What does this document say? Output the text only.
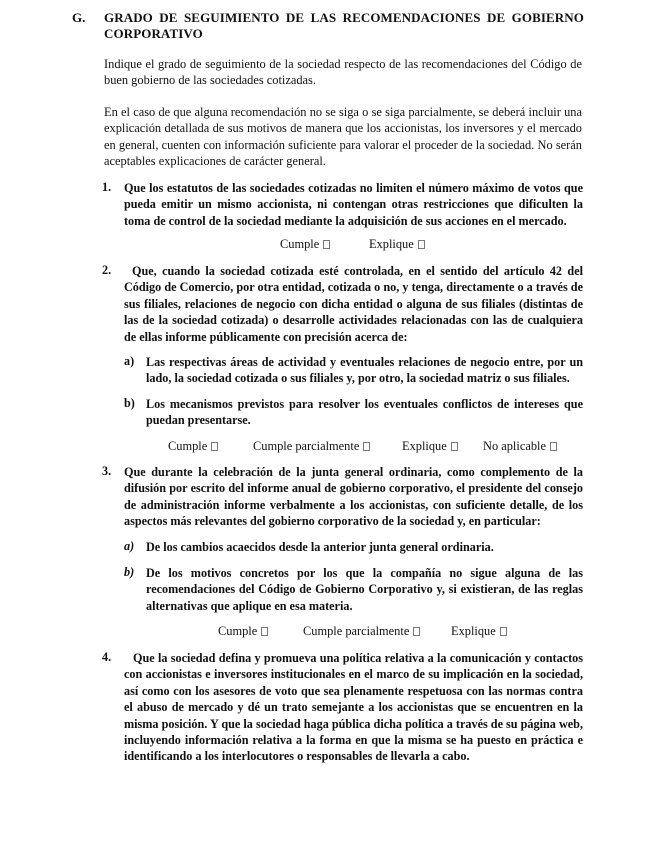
G. GRADO DE SEGUIMIENTO DE LAS RECOMENDACIONES DE GOBIERNO CORPORATIVO
Indique el grado de seguimiento de la sociedad respecto de las recomendaciones del Código de buen gobierno de las sociedades cotizadas.
En el caso de que alguna recomendación no se siga o se siga parcialmente, se deberá incluir una explicación detallada de sus motivos de manera que los accionistas, los inversores y el mercado en general, cuenten con información suficiente para valorar el proceder de la sociedad. No serán aceptables explicaciones de carácter general.
1. Que los estatutos de las sociedades cotizadas no limiten el número máximo de votos que pueda emitir un mismo accionista, ni contengan otras restricciones que dificulten la toma de control de la sociedad mediante la adquisición de sus acciones en el mercado.
Cumple	Explique
2.	Que, cuando la sociedad cotizada esté controlada, en el sentido del artículo 42 del Código de Comercio, por otra entidad, cotizada o no, y tenga, directamente o a través de sus filiales, relaciones de negocio con dicha entidad o alguna de sus filiales (distintas de las de la sociedad cotizada) o desarrolle actividades relacionadas con las de cualquiera de ellas informe públicamente con precisión acerca de:
a) Las respectivas áreas de actividad y eventuales relaciones de negocio entre, por un lado, la sociedad cotizada o sus filiales y, por otro, la sociedad matriz o sus filiales.
b) Los mecanismos previstos para resolver los eventuales conflictos de intereses que puedan presentarse.
Cumple	Cumple parcialmente	Explique	No aplicable
3. Que durante la celebración de la junta general ordinaria, como complemento de la difusión por escrito del informe anual de gobierno corporativo, el presidente del consejo de administración informe verbalmente a los accionistas, con suficiente detalle, de los aspectos más relevantes del gobierno corporativo de la sociedad y, en particular:
a) De los cambios acaecidos desde la anterior junta general ordinaria.
b) De los motivos concretos por los que la compañía no sigue alguna de las recomendaciones del Código de Gobierno Corporativo y, si existieran, de las reglas alternativas que aplique en esa materia.
Cumple	Cumple parcialmente	Explique
4.	Que la sociedad defina y promueva una política relativa a la comunicación y contactos con accionistas e inversores institucionales en el marco de su implicación en la sociedad, así como con los asesores de voto que sea plenamente respetuosa con las normas contra el abuso de mercado y dé un trato semejante a los accionistas que se encuentren en la misma posición. Y que la sociedad haga pública dicha política a través de su página web, incluyendo información relativa a la forma en que la misma se ha puesto en práctica e identificando a los interlocutores o responsables de llevarla a cabo.
